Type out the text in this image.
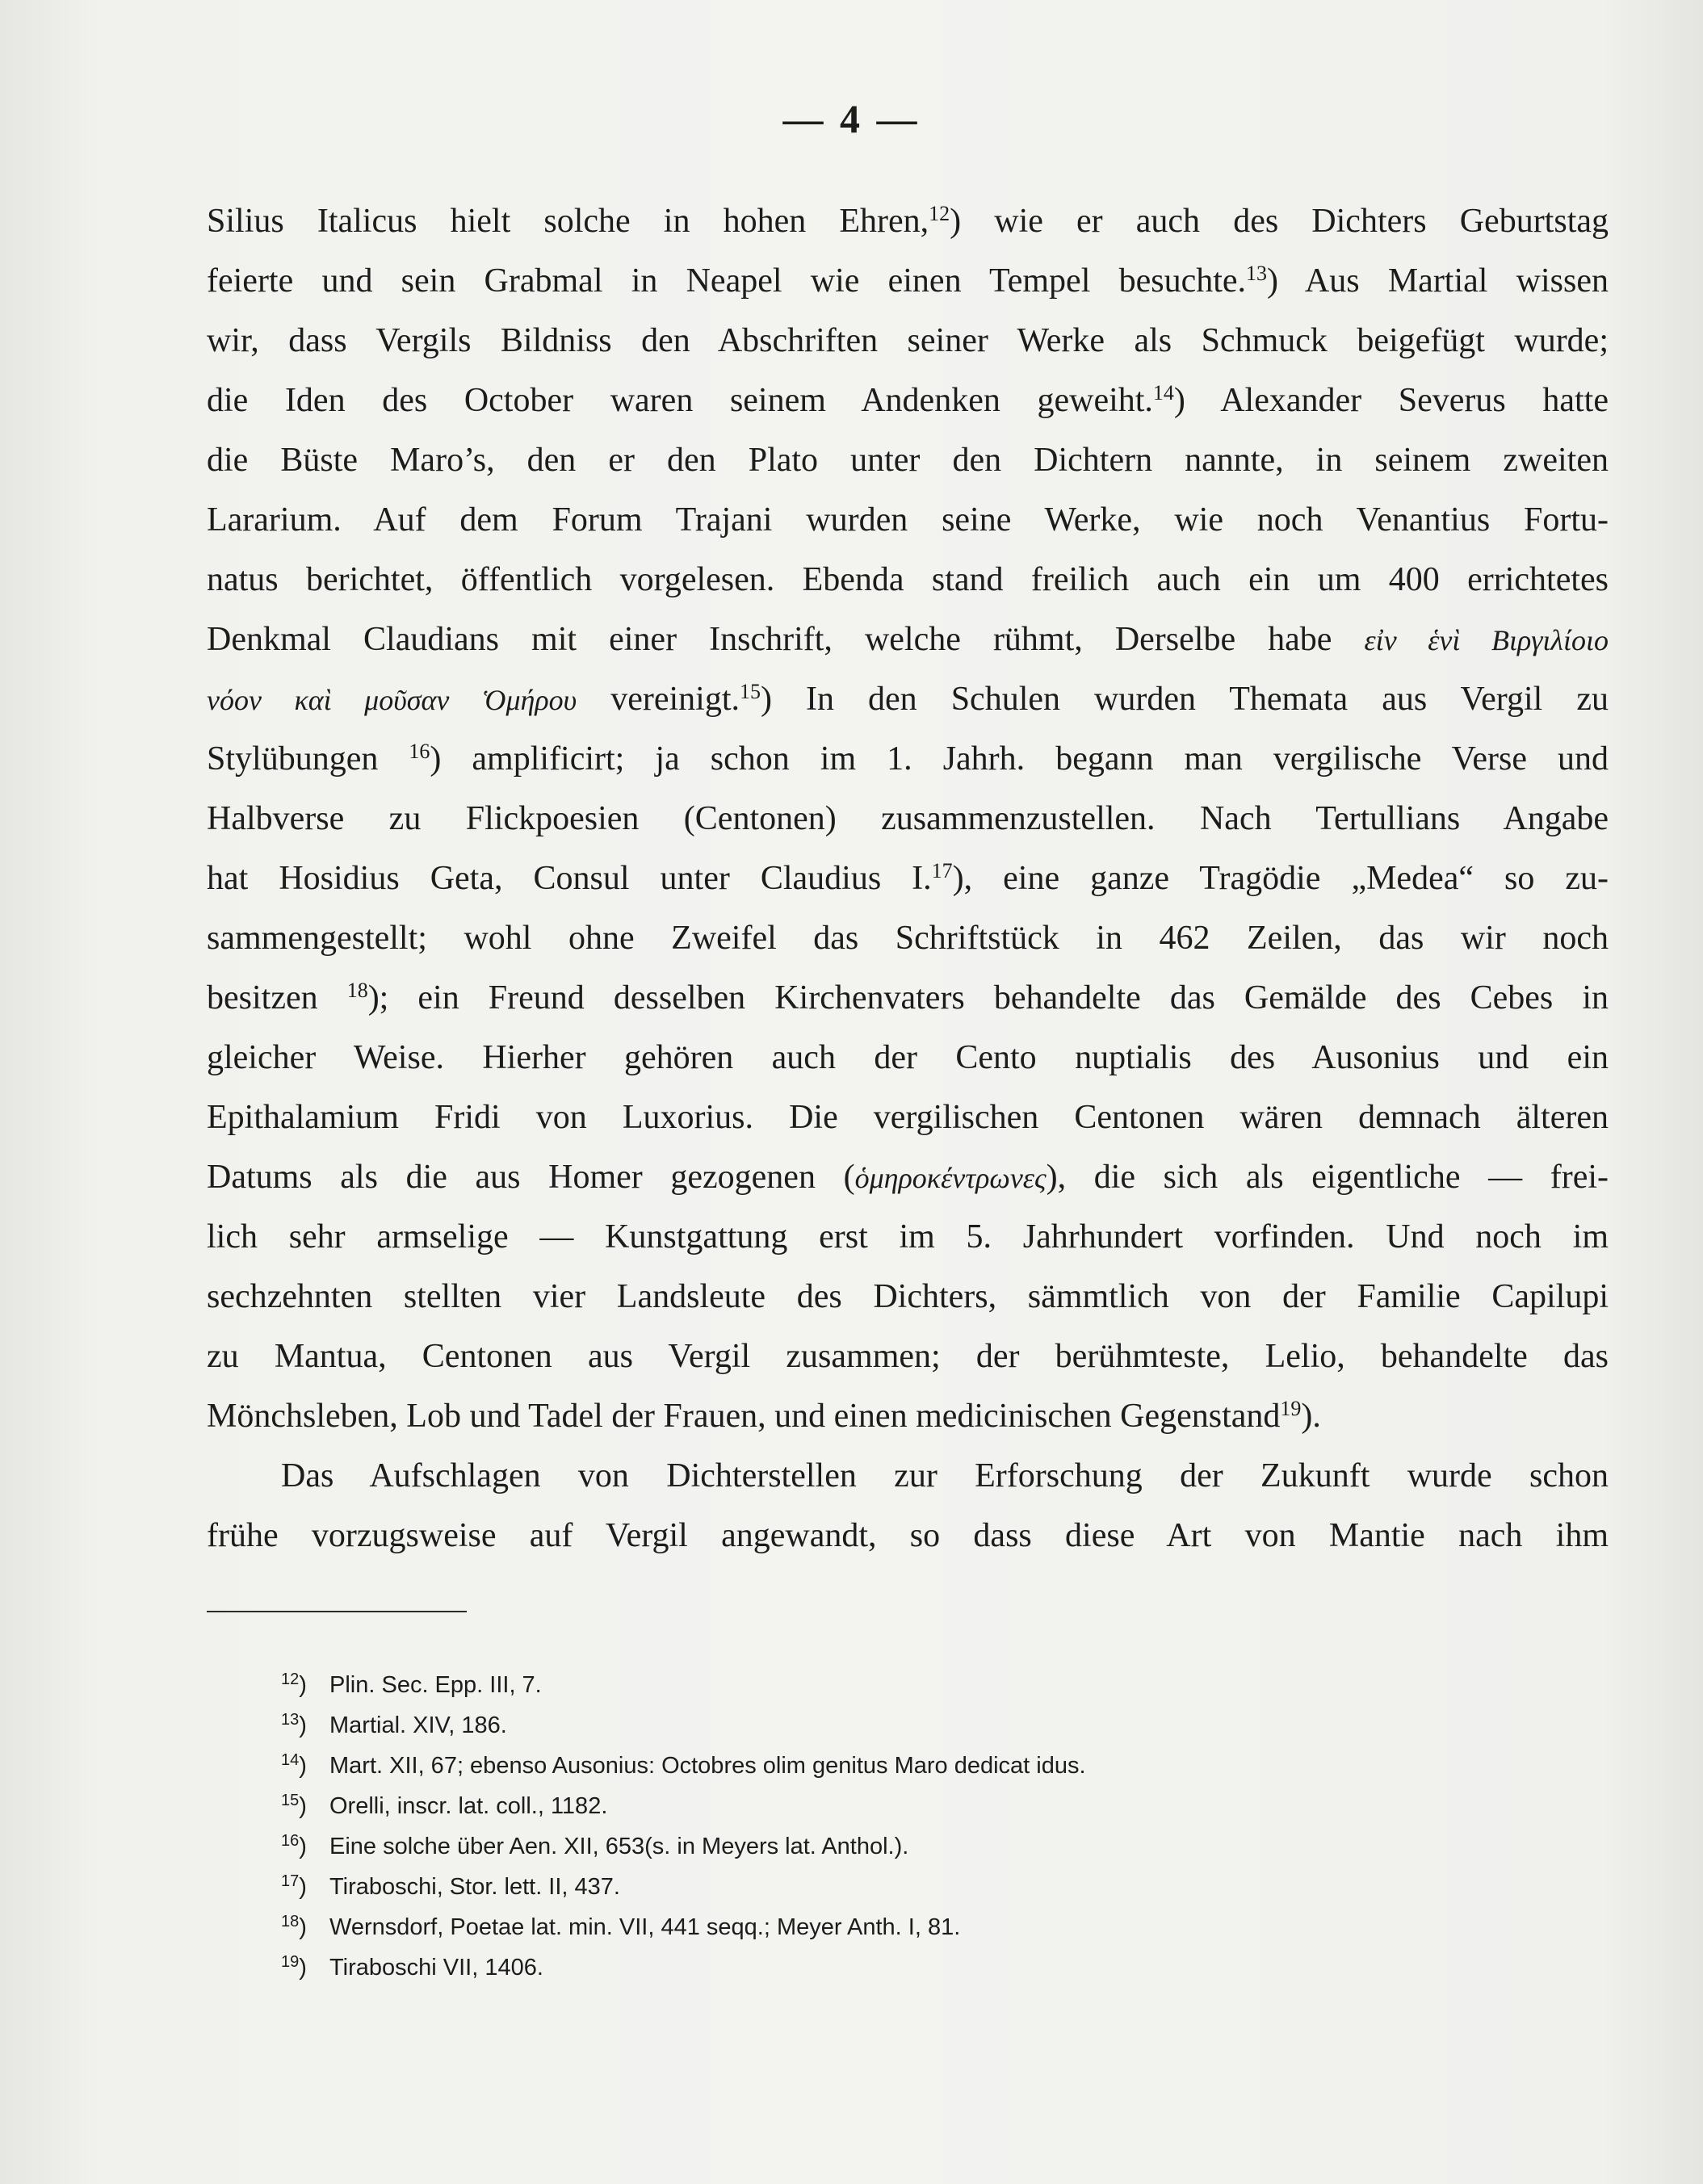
— 4 —
Silius Italicus hielt solche in hohen Ehren,$^{12}$) wie er auch des Dichters Geburtstag
feierte und sein Grabmal in Neapel wie einen Tempel besuchte.$^{13}$) Aus Martial wissen
wir, dass Vergils Bildniss den Abschriften seiner Werke als Schmuck beigefügt wurde;
die Iden des October waren seinem Andenken geweiht.$^{14}$) Alexander Severus hatte
die Büste Maro’s, den er den Plato unter den Dichtern nannte, in seinem zweiten
Lararium. Auf dem Forum Trajani wurden seine Werke, wie noch Venantius Fortu-
natus berichtet, öffentlich vorgelesen. Ebenda stand freilich auch ein um 400 errichtetes
Denkmal Claudians mit einer Inschrift, welche rühmt, Derselbe habe εἰν ἑνὶ Βιργιλίοιο
νόον καὶ μοῦσαν Ὁμήρου vereinigt.$^{15}$) In den Schulen wurden Themata aus Vergil zu
Stylübungen $^{16}$) amplificirt; ja schon im 1. Jahrh. begann man vergilische Verse und
Halbverse zu Flickpoesien (Centonen) zusammenzustellen. Nach Tertullians Angabe
hat Hosidius Geta, Consul unter Claudius I.$^{17}$), eine ganze Tragödie „Medea“ so zu-
sammengestellt; wohl ohne Zweifel das Schriftstück in 462 Zeilen, das wir noch
besitzen $^{18}$); ein Freund desselben Kirchenvaters behandelte das Gemälde des Cebes in
gleicher Weise. Hierher gehören auch der Cento nuptialis des Ausonius und ein
Epithalamium Fridi von Luxorius. Die vergilischen Centonen wären demnach älteren
Datums als die aus Homer gezogenen (ὁμηροκέντρωνες), die sich als eigentliche — frei-
lich sehr armselige — Kunstgattung erst im 5. Jahrhundert vorfinden. Und noch im
sechzehnten stellten vier Landsleute des Dichters, sämmtlich von der Familie Capilupi
zu Mantua, Centonen aus Vergil zusammen; der berühmteste, Lelio, behandelte das
Mönchsleben, Lob und Tadel der Frauen, und einen medicinischen Gegenstand$^{19}$).
Das Aufschlagen von Dichterstellen zur Erforschung der Zukunft wurde schon
frühe vorzugsweise auf Vergil angewandt, so dass diese Art von Mantie nach ihm
$^{12}$) Plin. Sec. Epp. III, 7.
$^{13}$) Martial. XIV, 186.
$^{14}$) Mart. XII, 67; ebenso Ausonius: Octobres olim genitus Maro dedicat idus.
$^{15}$) Orelli, inscr. lat. coll., 1182.
$^{16}$) Eine solche über Aen. XII, 653(s. in Meyers lat. Anthol.).
$^{17}$) Tiraboschi, Stor. lett. II, 437.
$^{18}$) Wernsdorf, Poetae lat. min. VII, 441 seqq.; Meyer Anth. I, 81.
$^{19}$) Tiraboschi VII, 1406.
